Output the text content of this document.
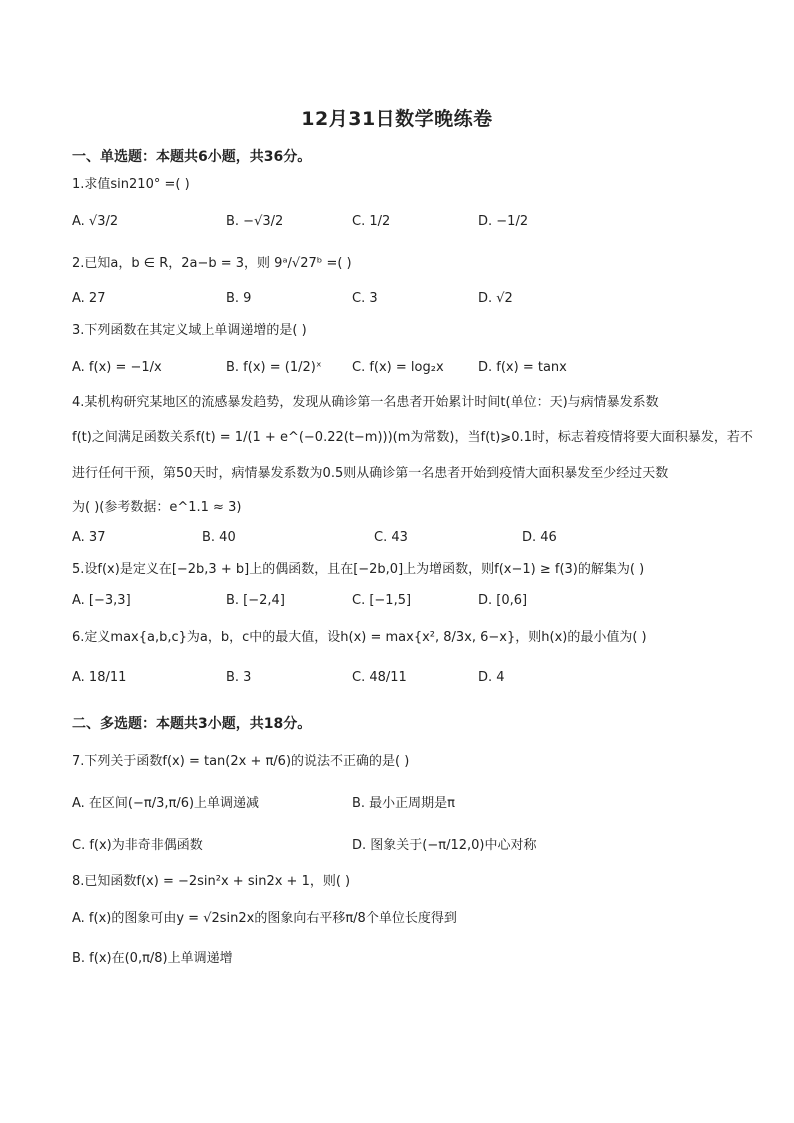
12月31日数学晚练卷
一、单选题：本题共6小题，共36分。
1.求值sin210° =( )
A. √3/2	B. −√3/2	C. 1/2	D. −1/2
2.已知a，b ∈ R，2a−b = 3，则 9ᵃ/√27ᵇ =( )
A. 27	B. 9	C. 3	D. √2
3.下列函数在其定义域上单调递增的是( )
A. f(x) = −1/x	B. f(x) = (1/2)ˣ C. f(x) = log₂x	D. f(x) = tanx
4.某机构研究某地区的流感暴发趋势，发现从确诊第一名患者开始累计时间t(单位：天)与病情暴发系数
f(t)之间满足函数关系f(t) = 1/(1 + e^(−0.22(t−m)))(m为常数)，当f(t)⩾0.1时，标志着疫情将要大面积暴发，若不
进行任何干预，第50天时，病情暴发系数为0.5则从确诊第一名患者开始到疫情大面积暴发至少经过天数
为( )(参考数据：e^1.1 ≈ 3)
A. 37	B. 40	C. 43	D. 46
5.设f(x)是定义在[−2b,3 + b]上的偶函数，且在[−2b,0]上为增函数，则f(x−1) ≥ f(3)的解集为( )
A. [−3,3]	B. [−2,4]	C. [−1,5]	D. [0,6]
6.定义max{a,b,c}为a，b，c中的最大值，设h(x) = max{x², 8/3x, 6−x}，则h(x)的最小值为( )
A. 18/11	B. 3	C. 48/11	D. 4
二、多选题：本题共3小题，共18分。
7.下列关于函数f(x) = tan(2x + π/6)的说法不正确的是( )
A. 在区间(−π/3,π/6)上单调递减	B. 最小正周期是π
C. f(x)为非奇非偶函数	D. 图象关于(−π/12,0)中心对称
8.已知函数f(x) = −2sin²x + sin2x + 1，则( )
A. f(x)的图象可由y = √2sin2x的图象向右平移π/8个单位长度得到
B. f(x)在(0,π/8)上单调递增
